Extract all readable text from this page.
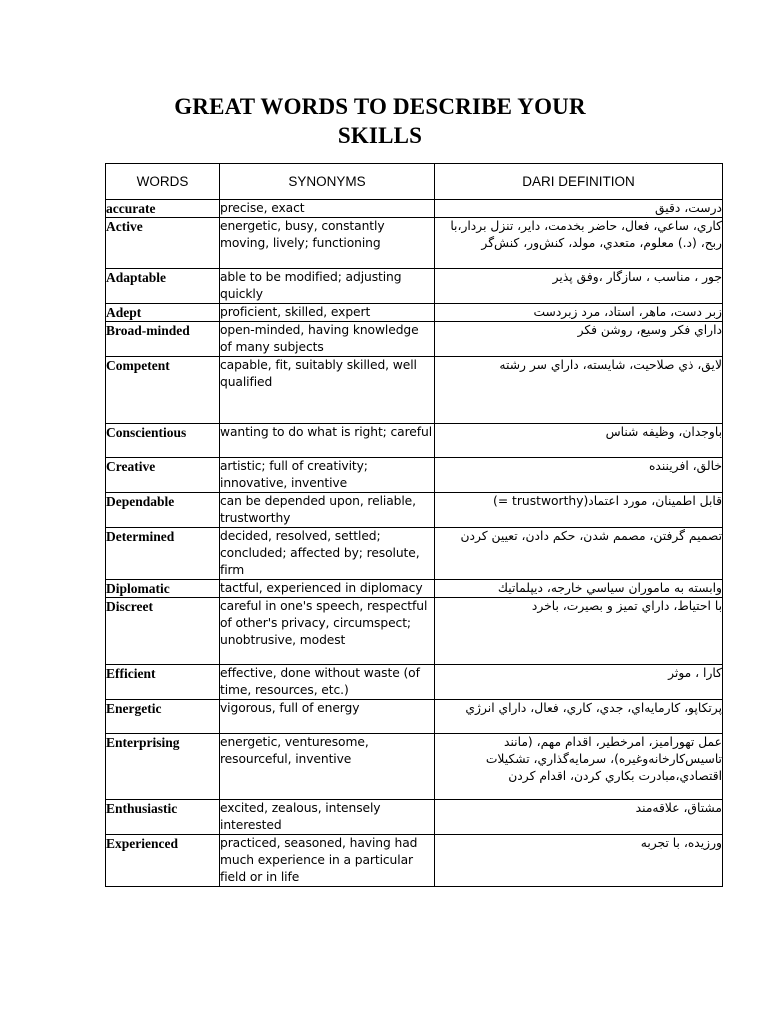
GREAT WORDS TO DESCRIBE YOUR
SKILLS
WORDS	SYNONYMS	DARI DEFINITION
accurate	precise, exact	درست، دقیق
Active	energetic, busy, constantly moving, lively; functioning	كاري، ساعي، فعال، حاضر بخدمت، داير، تنزل بردار،با ربح، (د.) معلوم، متعدي، مولد، كنش‌ور، كنش‌گر
Adaptable	able to be modified; adjusting quickly	جور ، مناسب ، سازگار ،وفق پذير
Adept	proficient, skilled, expert	زبر دست، ماهر، استاد، مرد زبردست
Broad-minded	open-minded, having knowledge of many subjects	داراي فكر وسيع، روشن فكر
Competent	capable, fit, suitably skilled, well qualified	لايق، ذي صلاحيت، شايسته، داراي سر رشته
Conscientious	wanting to do what is right; careful	باوجدان، وظيفه شناس
Creative	artistic; full of creativity; innovative, inventive	خالق، افريننده
Dependable	can be depended upon, reliable, trustworthy	قابل اطمينان، مورد اعتماد(trustworthy =)
Determined	decided, resolved, settled; concluded; affected by; resolute, firm	تصميم گرفتن، مصمم شدن، حكم دادن، تعيين كردن
Diplomatic	tactful, experienced in diplomacy	وابسته به ماموران سياسي خارجه، ديپلماتيك
Discreet	careful in one's speech, respectful of other's privacy, circumspect; unobtrusive, modest	با احتياط، داراي تميز و بصيرت، باخرد
Efficient	effective, done without waste (of time, resources, etc.)	كارا ، موثر
Energetic	vigorous, full of energy	پرتكاپو، كارمايه‌اي، جدي، كاري، فعال، داراي انرژي
Enterprising	energetic, venturesome, resourceful, inventive	عمل تهورامیز، امرخطير، اقدام مهم، (مانند تاسيس‌كارخانه‌وغيره)، سرمايه‌گذاري، تشكيلات اقتصادي،مبادرت بكاري كردن، اقدام كردن
Enthusiastic	excited, zealous, intensely interested	مشتاق، علاقه‌مند
Experienced	practiced, seasoned, having had much experience in a particular field or in life	ورزيده، با تجربه
